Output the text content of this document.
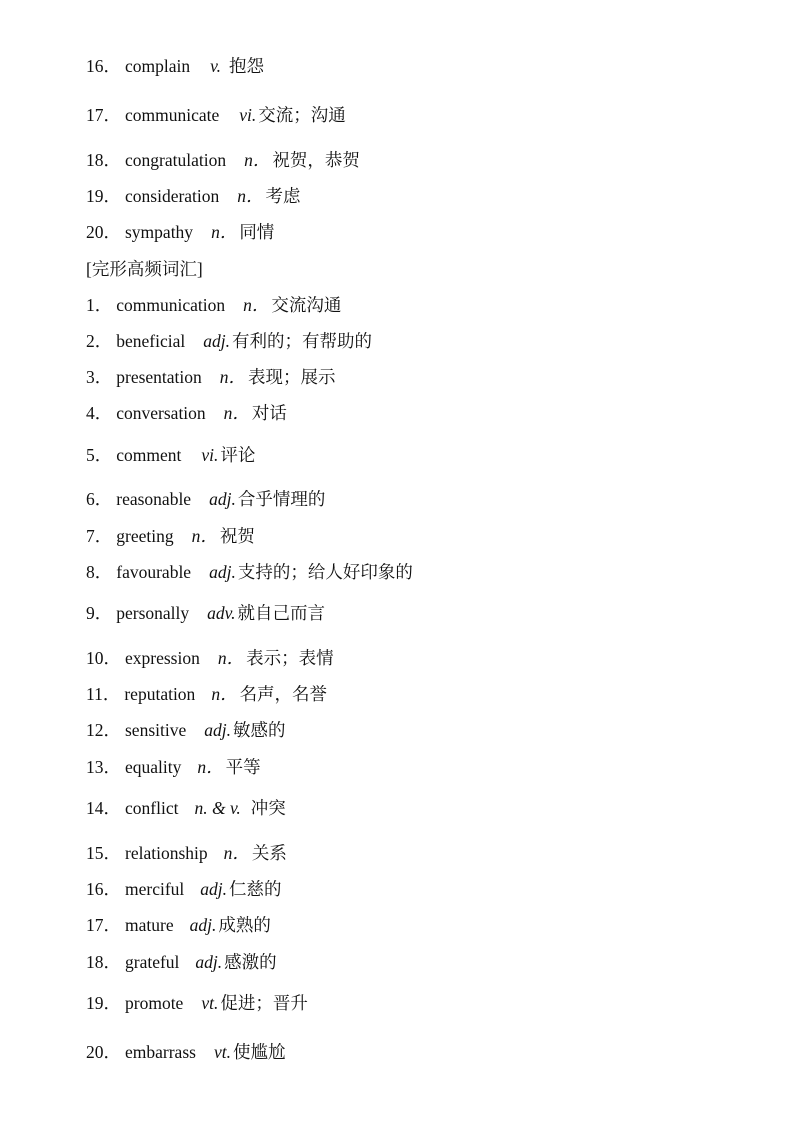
16． complain v. 抱怨
17． communicate vi. 交流；沟通
18． congratulation n． 祝贺，恭贺
19． consideration n． 考虑
20． sympathy n． 同情
[完形高频词汇]
1． communication n． 交流沟通
2． beneficial adj. 有利的；有帮助的
3． presentation n． 表现；展示
4． conversation n． 对话
5． comment vi. 评论
6． reasonable adj. 合乎情理的
7． greeting n． 祝贺
8． favourable adj. 支持的；给人好印象的
9． personally adv. 就自己而言
10． expression n． 表示；表情
11． reputation n． 名声，名誉
12． sensitive adj. 敏感的
13． equality n． 平等
14． conflict n. & v. 冲突
15． relationship n． 关系
16． merciful adj. 仁慈的
17． mature adj. 成熟的
18． grateful adj. 感激的
19． promote vt. 促进；晋升
20． embarrass vt. 使尴尬
